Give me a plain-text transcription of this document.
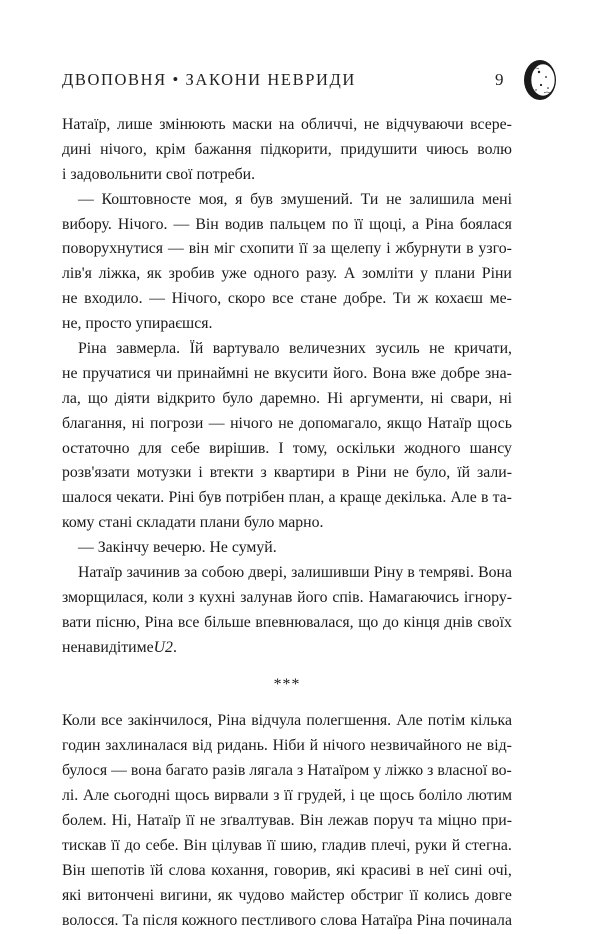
ДВОПОВНЯ • ЗАКОНИ НЕВРИДИ	9
Натаїр, лише змінюють маски на обличчі, не відчуваючи всере-
дині нічого, крім бажання підкорити, придушити чиюсь волю
і задовольнити свої потреби.
— Коштовносте моя, я був змушений. Ти не залишила мені
вибору. Нічого. — Він водив пальцем по її щоці, а Ріна боялася
поворухнутися — він міг схопити її за щелепу і жбурнути в узго-
лів'я ліжка, як зробив уже одного разу. А зомліти у плани Ріни
не входило. — Нічого, скоро все стане добре. Ти ж кохаєш ме-
не, просто упираєшся.
Ріна завмерла. Їй вартувало величезних зусиль не кричати,
не пручатися чи принаймні не вкусити його. Вона вже добре зна-
ла, що діяти відкрито було даремно. Ні аргументи, ні свари, ні
благання, ні погрози — нічого не допомагало, якщо Натаїр щось
остаточно для себе вирішив. І тому, оскільки жодного шансу
розв'язати мотузки і втекти з квартири в Ріни не було, їй зали-
шалося чекати. Ріні був потрібен план, а краще декілька. Але в та-
кому стані складати плани було марно.
— Закінчу вечерю. Не сумуй.
Натаїр зачинив за собою двері, залишивши Ріну в темряві. Вона
зморщилася, коли з кухні залунав його спів. Намагаючись ігнору-
вати пісню, Ріна все більше впевнювалася, що до кінця днів своїх
ненавидітиме U2 .
***
Коли все закінчилося, Ріна відчула полегшення. Але потім кілька
годин захлиналася від ридань. Ніби й нічого незвичайного не від-
булося — вона багато разів лягала з Натаїром у ліжко з власної во-
лі. Але сьогодні щось вирвали з її грудей, і це щось боліло лютим
болем. Ні, Натаїр її не зґвалтував. Він лежав поруч та міцно при-
тискав її до себе. Він цілував її шию, гладив плечі, руки й стегна.
Він шепотів їй слова кохання, говорив, які красиві в неї сині очі,
які витончені вигини, як чудово майстер обстриг її колись довге
волосся. Та після кожного пестливого слова Натаїра Ріна починала
